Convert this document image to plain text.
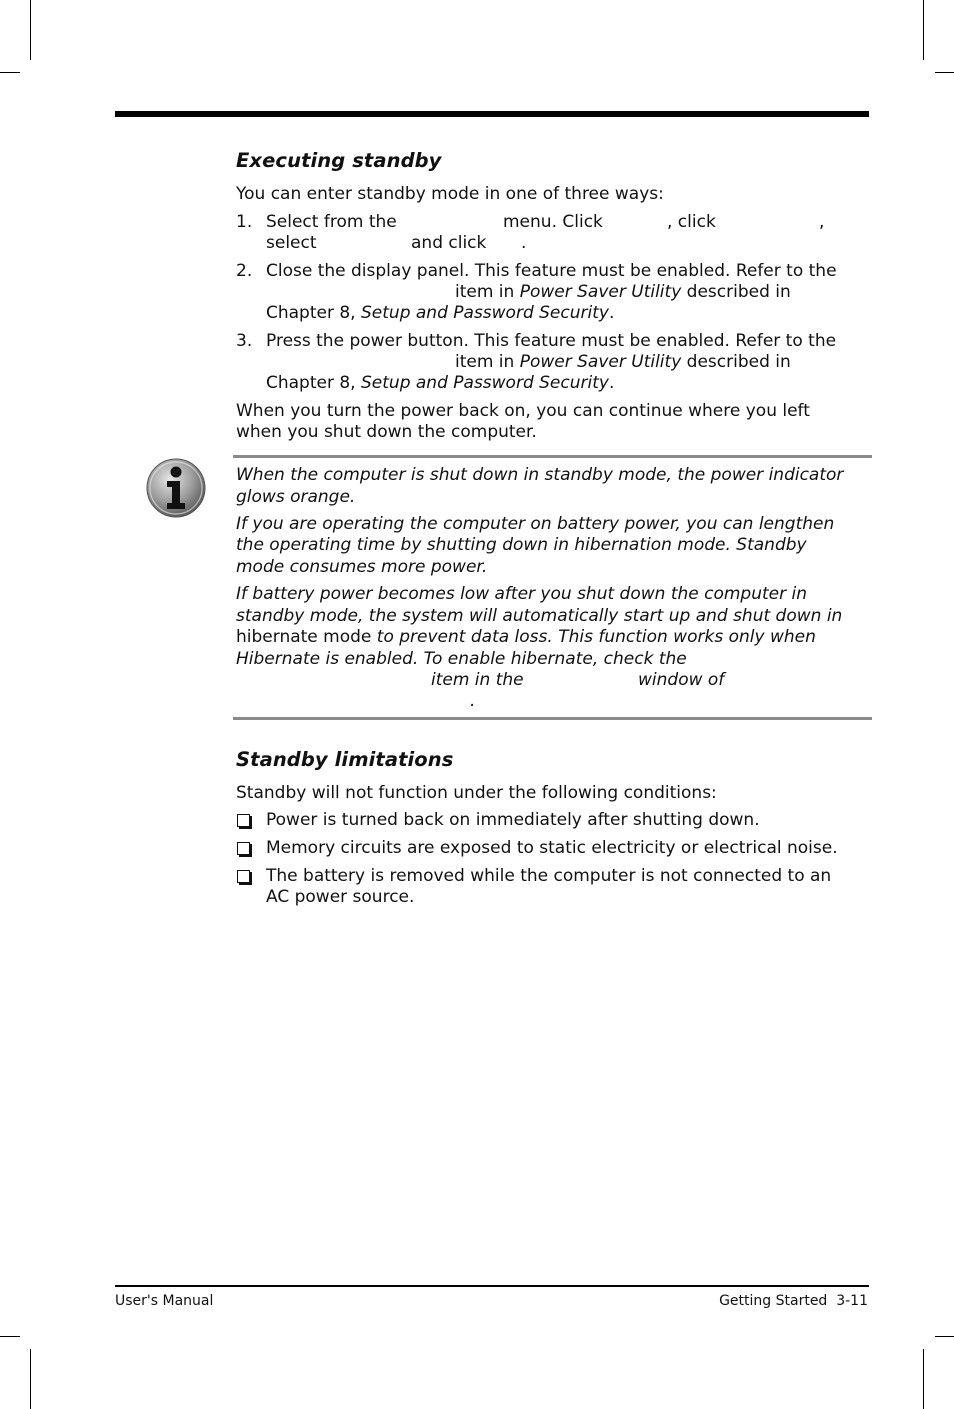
Executing standby
You can enter standby mode in one of three ways:
1. Select from the	menu. Click	, click	,
select	and click .
2. Close the display panel. This feature must be enabled. Refer to the
item in Power Saver Utility described in
Chapter 8, Setup and Password Security.
3. Press the power button. This feature must be enabled. Refer to the
item in Power Saver Utility described in
Chapter 8, Setup and Password Security.
When you turn the power back on, you can continue where you left
when you shut down the computer.
When the computer is shut down in standby mode, the power indicator
glows orange.
If you are operating the computer on battery power, you can lengthen
the operating time by shutting down in hibernation mode. Standby
mode consumes more power.
If battery power becomes low after you shut down the computer in
standby mode, the system will automatically start up and shut down in
hibernate mode to prevent data loss. This function works only when
Hibernate is enabled. To enable hibernate, check the
item in the	window of
.
Standby limitations
Standby will not function under the following conditions:
Power is turned back on immediately after shutting down.
Memory circuits are exposed to static electricity or electrical noise.
The battery is removed while the computer is not connected to an
AC power source.
User's Manual	Getting Started  3-11
